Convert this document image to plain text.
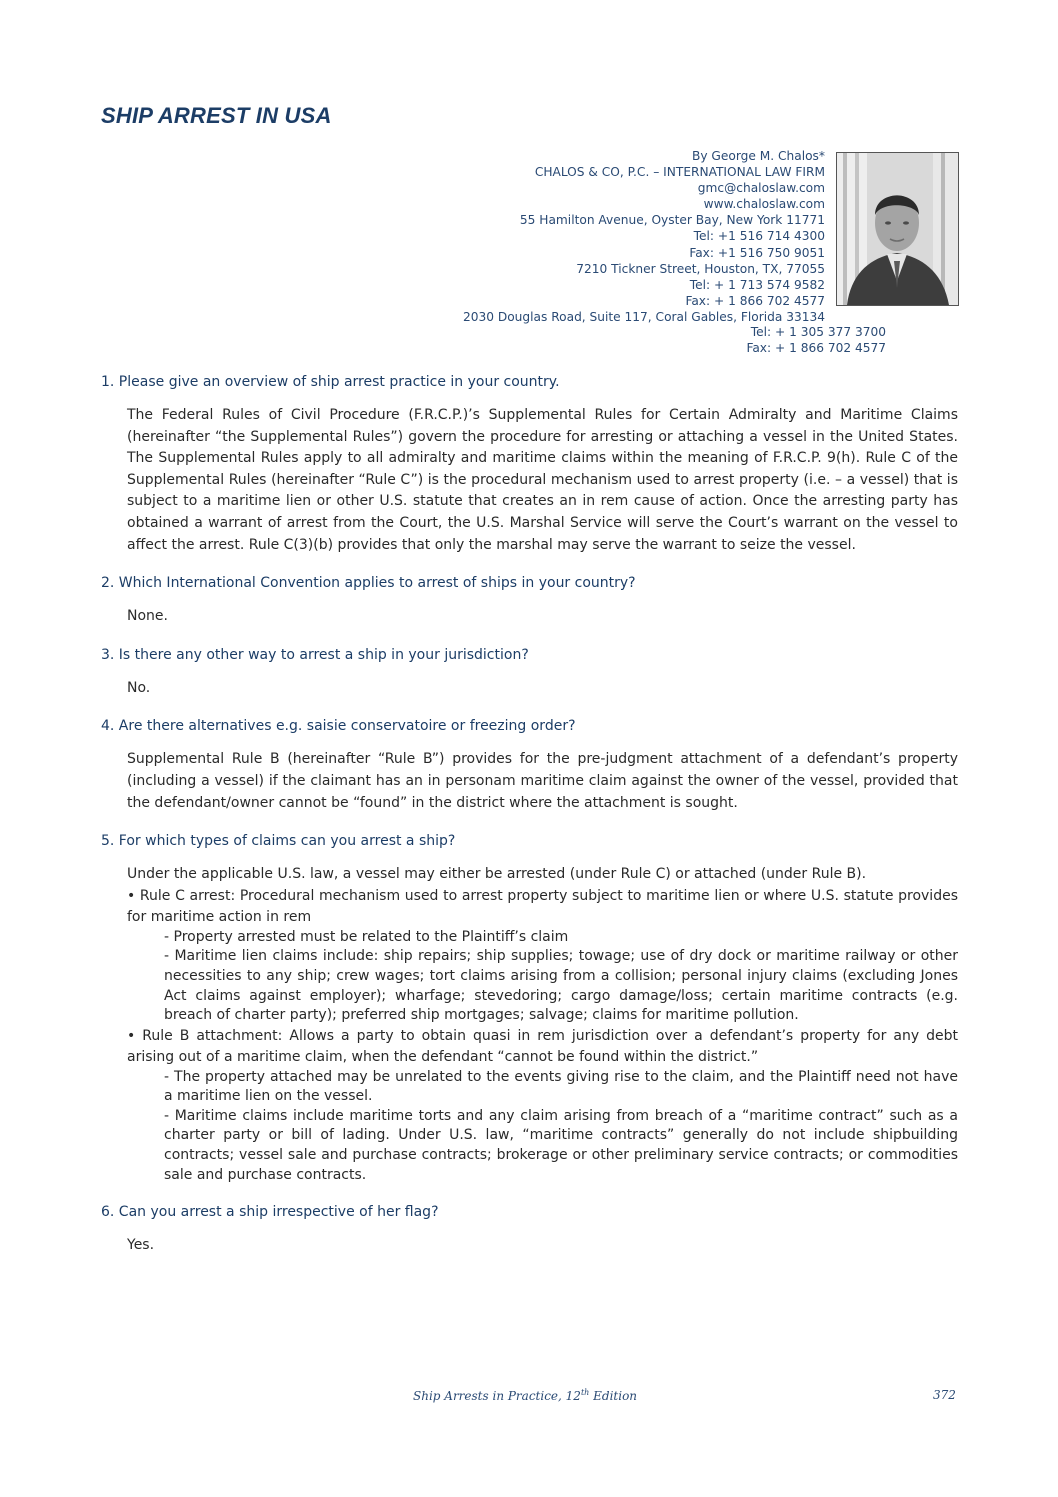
SHIP ARREST IN USA
By George M. Chalos*
CHALOS & CO, P.C. – INTERNATIONAL LAW FIRM
gmc@chaloslaw.com
www.chaloslaw.com
55 Hamilton Avenue, Oyster Bay, New York 11771
Tel: +1 516 714 4300
Fax: +1 516 750 9051
7210 Tickner Street, Houston, TX, 77055
Tel: + 1 713 574 9582
Fax: + 1 866 702 4577
2030 Douglas Road, Suite 117, Coral Gables, Florida 33134
Tel: + 1 305 377 3700
Fax: + 1 866 702 4577

1. Please give an overview of ship arrest practice in your country.

The Federal Rules of Civil Procedure (F.R.C.P.)’s Supplemental Rules for Certain Admiralty and Maritime Claims (hereinafter “the Supplemental Rules”) govern the procedure for arresting or attaching a vessel in the United States. The Supplemental Rules apply to all admiralty and maritime claims within the meaning of F.R.C.P. 9(h). Rule C of the Supplemental Rules (hereinafter “Rule C”) is the procedural mechanism used to arrest property (i.e. – a vessel) that is subject to a maritime lien or other U.S. statute that creates an in rem cause of action. Once the arresting party has obtained a warrant of arrest from the Court, the U.S. Marshal Service will serve the Court’s warrant on the vessel to affect the arrest. Rule C(3)(b) provides that only the marshal may serve the warrant to seize the vessel.

2. Which International Convention applies to arrest of ships in your country?

None.

3. Is there any other way to arrest a ship in your jurisdiction?

No.

4. Are there alternatives e.g. saisie conservatoire or freezing order?

Supplemental Rule B (hereinafter “Rule B”) provides for the pre-judgment attachment of a defendant’s property (including a vessel) if the claimant has an in personam maritime claim against the owner of the vessel, provided that the defendant/owner cannot be “found” in the district where the attachment is sought.

5. For which types of claims can you arrest a ship?

Under the applicable U.S. law, a vessel may either be arrested (under Rule C) or attached (under Rule B).

• Rule C arrest: Procedural mechanism used to arrest property subject to maritime lien or where U.S. statute provides for maritime action in rem

- Property arrested must be related to the Plaintiff’s claim

- Maritime lien claims include: ship repairs; ship supplies; towage; use of dry dock or maritime railway or other necessities to any ship; crew wages; tort claims arising from a collision; personal injury claims (excluding Jones Act claims against employer); wharfage; stevedoring; cargo damage/loss; certain maritime contracts (e.g. breach of charter party); preferred ship mortgages; salvage; claims for maritime pollution.

• Rule B attachment: Allows a party to obtain quasi in rem jurisdiction over a defendant’s property for any debt arising out of a maritime claim, when the defendant “cannot be found within the district.”

- The property attached may be unrelated to the events giving rise to the claim, and the Plaintiff need not have a maritime lien on the vessel.

- Maritime claims include maritime torts and any claim arising from breach of a “maritime contract” such as a charter party or bill of lading. Under U.S. law, “maritime contracts” generally do not include shipbuilding contracts; vessel sale and purchase contracts; brokerage or other preliminary service contracts; or commodities sale and purchase contracts.

6. Can you arrest a ship irrespective of her flag?

Yes.

Ship Arrests in Practice, 12th Edition	372
